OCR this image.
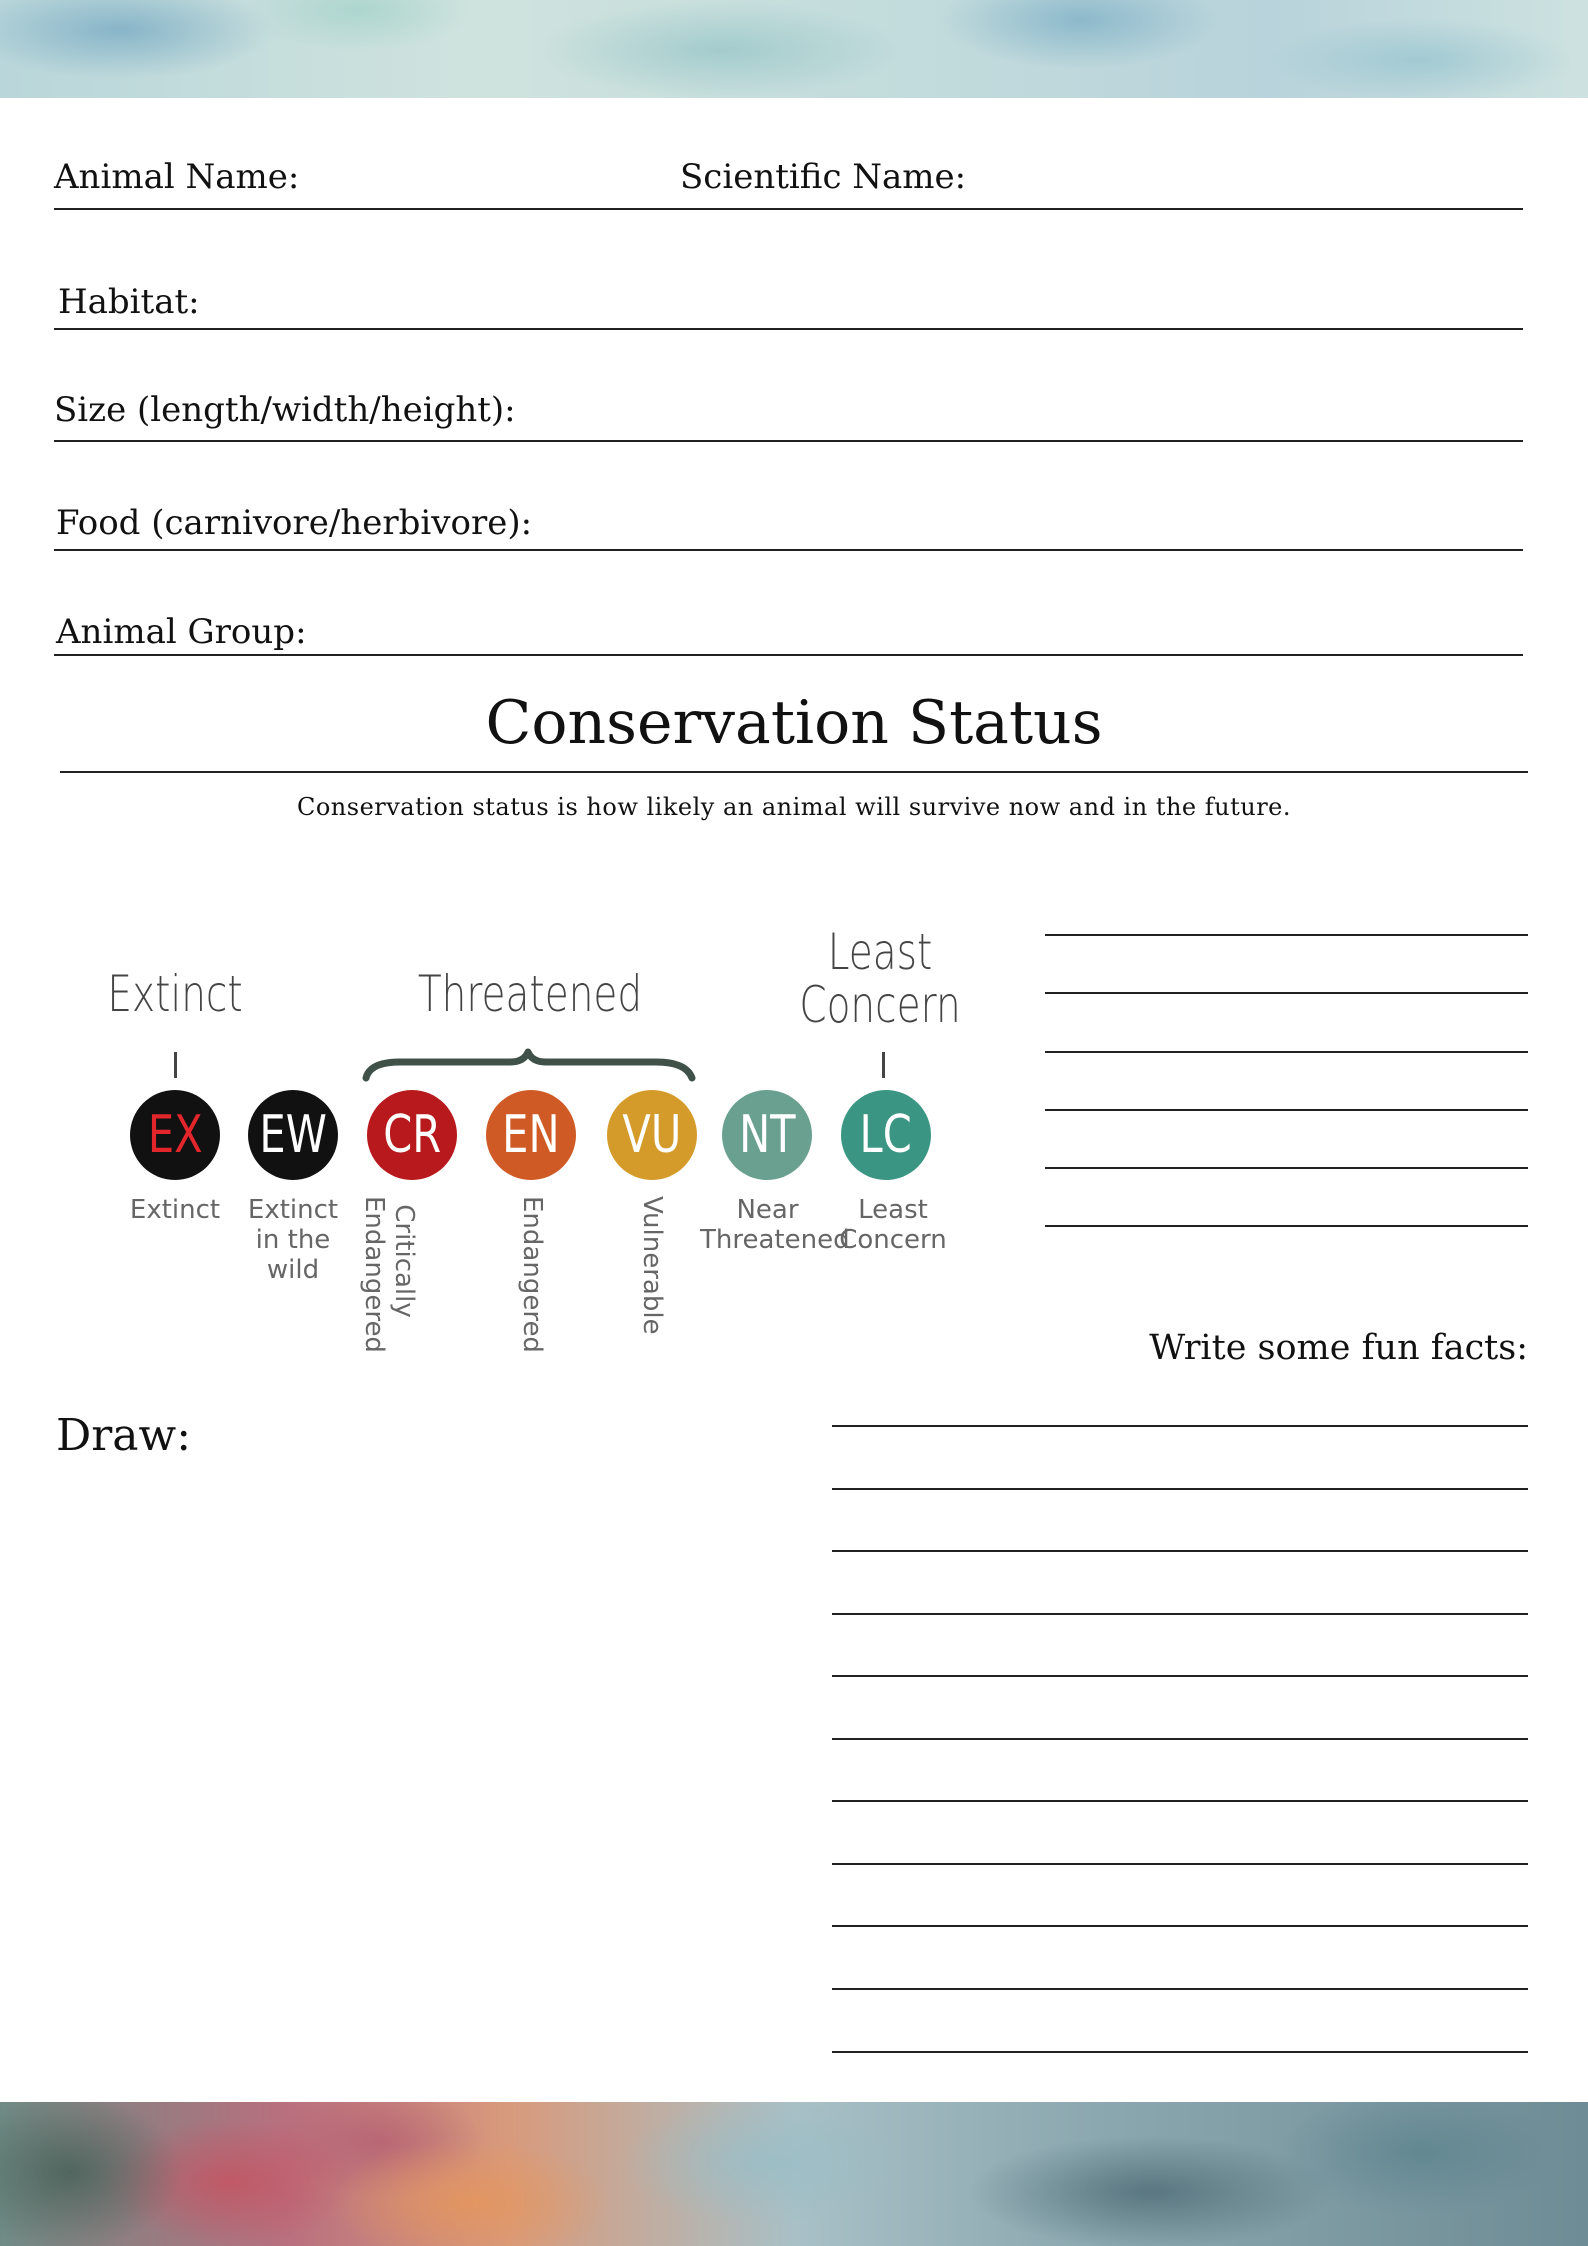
Animal Name:	Scientific Name:
Habitat:
Size (length/width/height):
Food (carnivore/herbivore):
Animal Group:
Conservation Status
Conservation status is how likely an animal will survive now and in the future.
Extinct	Threatened
Least Concern
EX EW CR EN VU NT LC
Extinct	Extinct in the wild	Critically Endangered	Endangered	Vulnerable	Near Threatened
Least Concern
Write some fun facts:
Draw:
